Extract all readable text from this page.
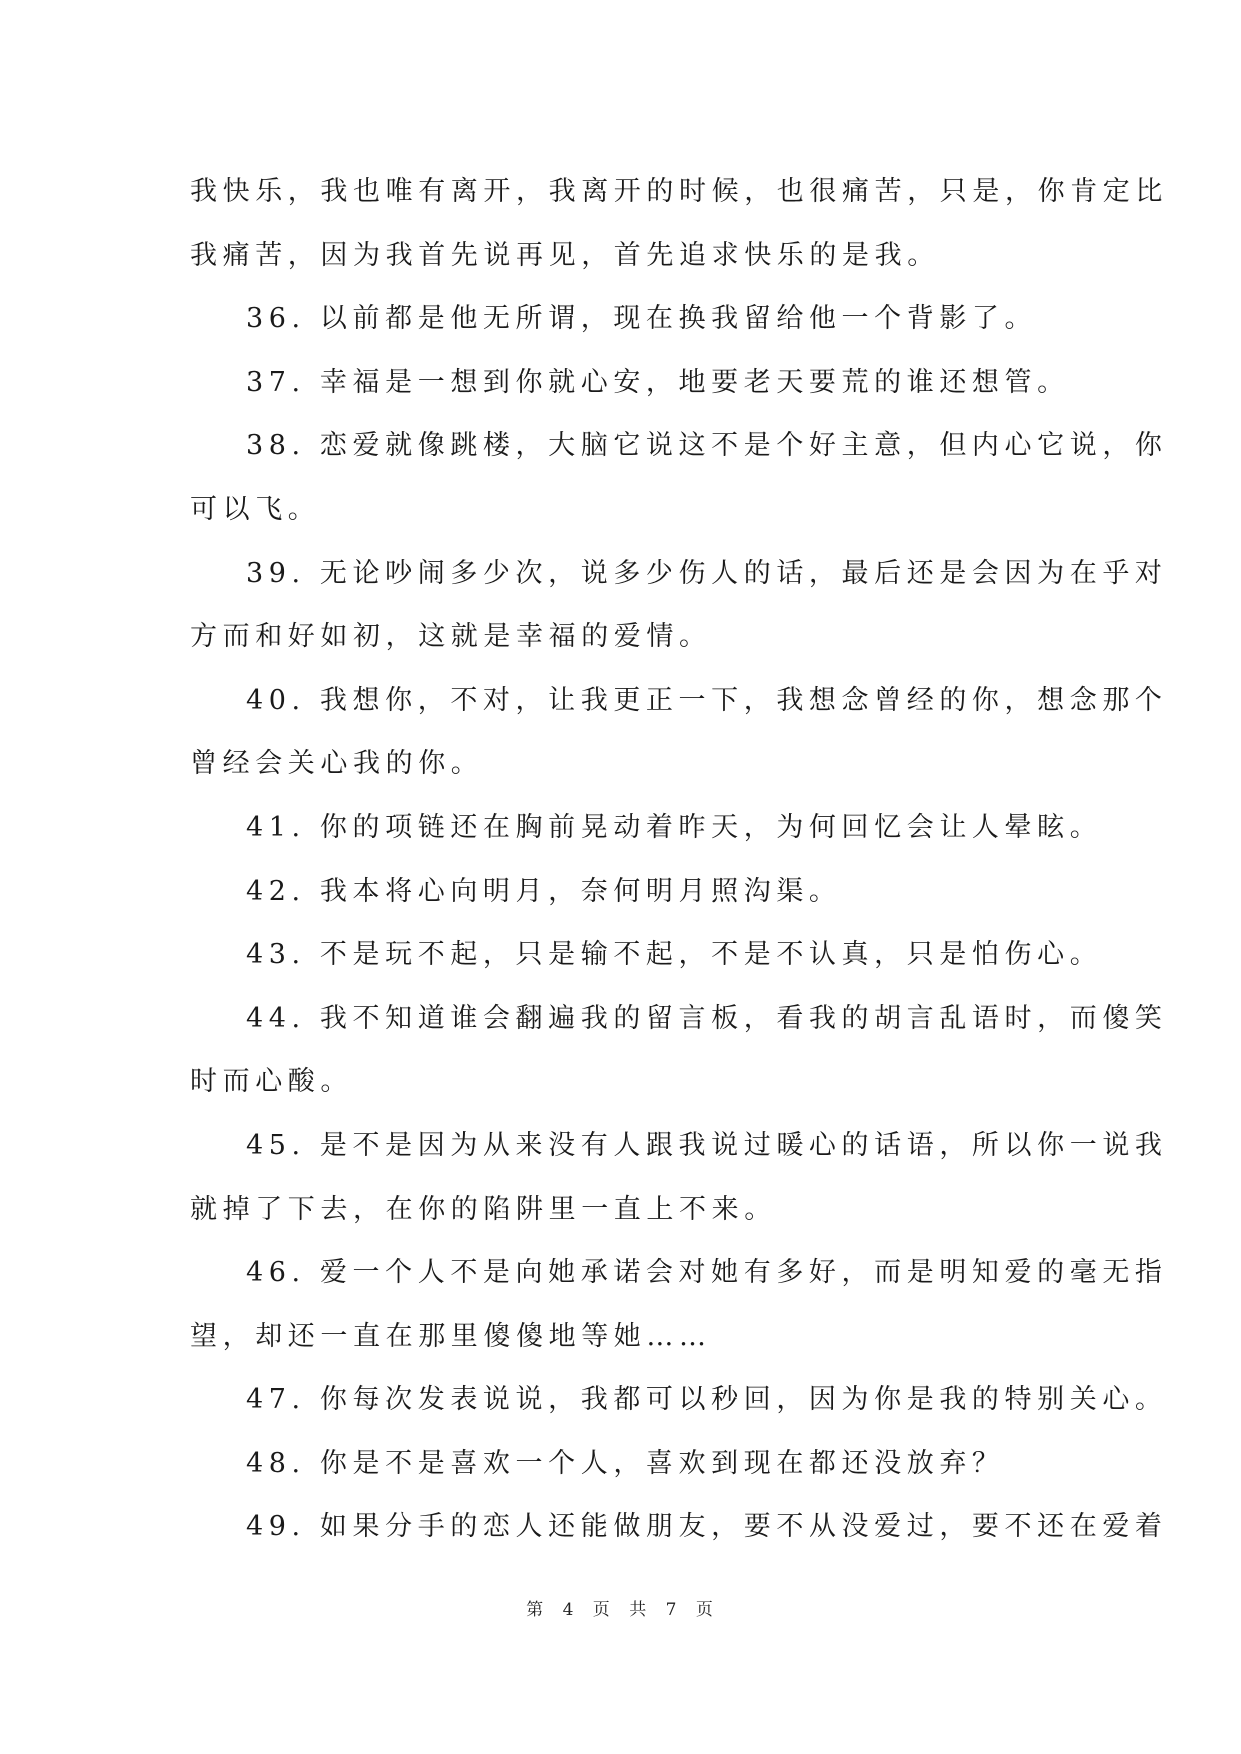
我快乐，我也唯有离开，我离开的时候，也很痛苦，只是，你肯定比
我痛苦，因为我首先说再见，首先追求快乐的是我。
36. 以前都是他无所谓，现在换我留给他一个背影了。
37. 幸福是一想到你就心安，地要老天要荒的谁还想管。
38. 恋爱就像跳楼，大脑它说这不是个好主意，但内心它说，你
可以飞。
39. 无论吵闹多少次，说多少伤人的话，最后还是会因为在乎对
方而和好如初，这就是幸福的爱情。
40. 我想你，不对，让我更正一下，我想念曾经的你，想念那个
曾经会关心我的你。
41. 你的项链还在胸前晃动着昨天，为何回忆会让人晕眩。
42. 我本将心向明月，奈何明月照沟渠。
43. 不是玩不起，只是输不起，不是不认真，只是怕伤心。
44. 我不知道谁会翻遍我的留言板，看我的胡言乱语时，而傻笑
时而心酸。
45. 是不是因为从来没有人跟我说过暖心的话语，所以你一说我
就掉了下去，在你的陷阱里一直上不来。
46. 爱一个人不是向她承诺会对她有多好，而是明知爱的毫无指
望，却还一直在那里傻傻地等她……
47. 你每次发表说说，我都可以秒回，因为你是我的特别关心。
48. 你是不是喜欢一个人，喜欢到现在都还没放弃？
49. 如果分手的恋人还能做朋友，要不从没爱过，要不还在爱着
第 4 页 共 7 页
